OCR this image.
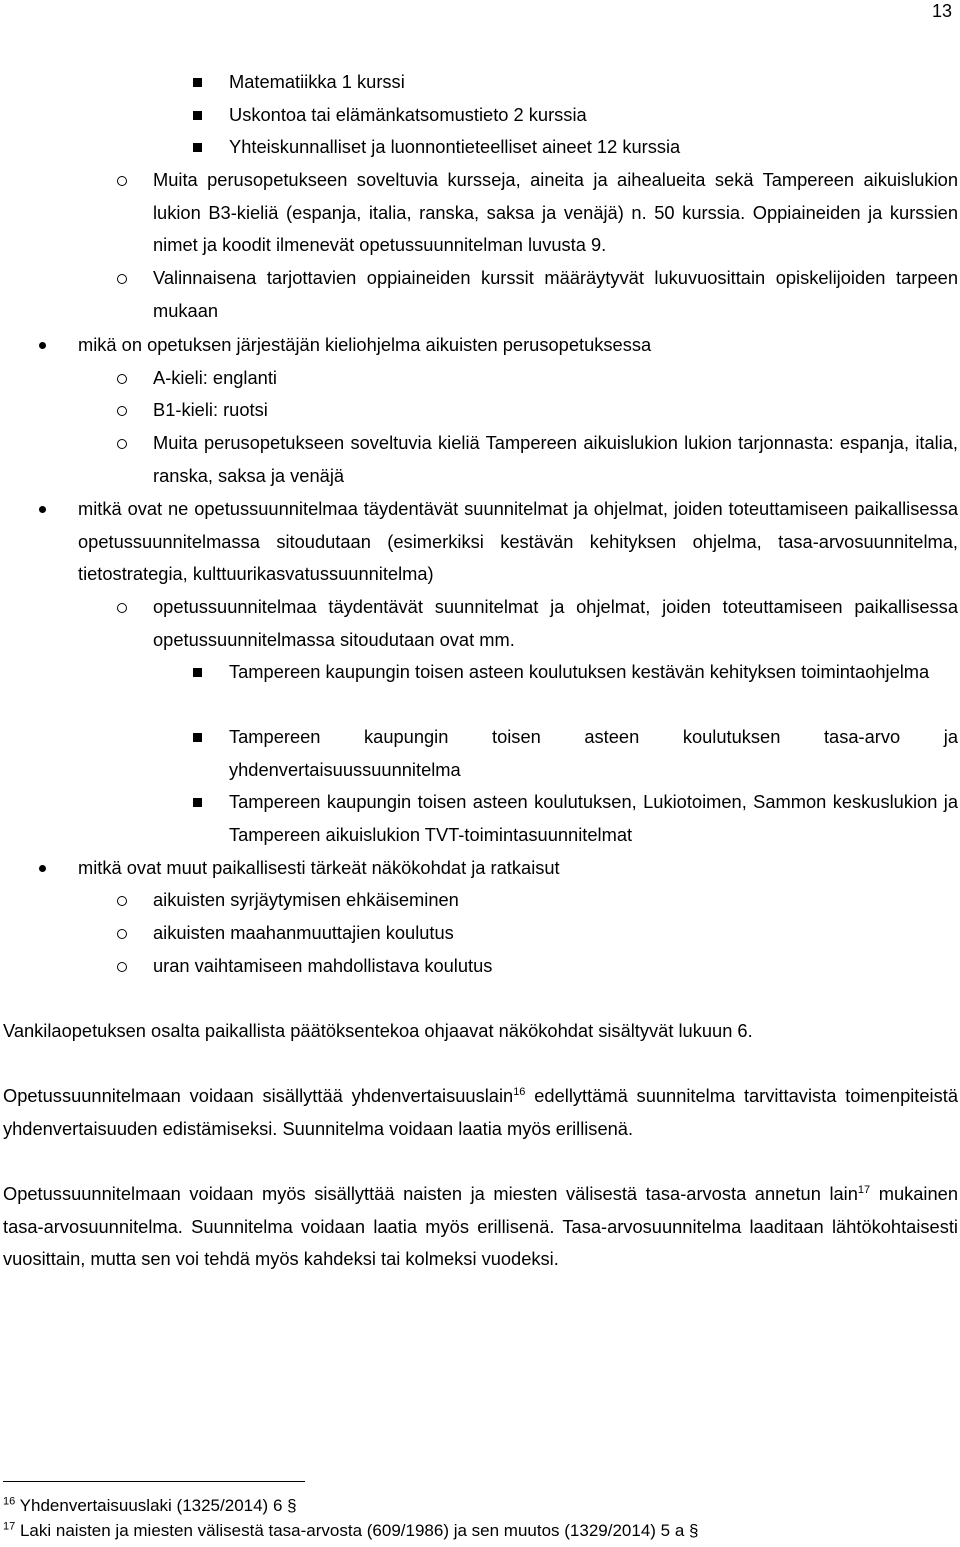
13
Matematiikka 1 kurssi
Uskontoa tai elämänkatsomustieto 2 kurssia
Yhteiskunnalliset ja luonnontieteelliset aineet 12 kurssia
Muita perusopetukseen soveltuvia kursseja, aineita ja aihealueita sekä Tampereen aikuislukion lukion B3-kieliä (espanja, italia, ranska, saksa ja venäjä) n. 50 kurssia. Oppiaineiden ja kurssien nimet ja koodit ilmenevät opetussuunnitelman luvusta 9.
Valinnaisena tarjottavien oppiaineiden kurssit määräytyvät lukuvuosittain opiskelijoiden tarpeen mukaan
mikä on opetuksen järjestäjän kieliohjelma aikuisten perusopetuksessa
A-kieli: englanti
B1-kieli: ruotsi
Muita perusopetukseen soveltuvia kieliä Tampereen aikuislukion lukion tarjonnasta: espanja, italia, ranska, saksa ja venäjä
mitkä ovat ne opetussuunnitelmaa täydentävät suunnitelmat ja ohjelmat, joiden toteuttamiseen paikallisessa opetussuunnitelmassa sitoudutaan (esimerkiksi kestävän kehityksen ohjelma, tasa-arvosuunnitelma, tietostrategia, kulttuurikasvatussuunnitelma)
opetussuunnitelmaa täydentävät suunnitelmat ja ohjelmat, joiden toteuttamiseen paikallisessa opetussuunnitelmassa sitoudutaan ovat mm.
Tampereen kaupungin toisen asteen koulutuksen kestävän kehityksen toimintaohjelma
Tampereen kaupungin toisen asteen koulutuksen tasa-arvo ja yhdenvertaisuussuunnitelma
Tampereen kaupungin toisen asteen koulutuksen, Lukiotoimen, Sammon keskuslukion ja Tampereen aikuislukion TVT-toimintasuunnitelmat
mitkä ovat muut paikallisesti tärkeät näkökohdat ja ratkaisut
aikuisten syrjäytymisen ehkäiseminen
aikuisten maahanmuuttajien koulutus
uran vaihtamiseen mahdollistava koulutus
Vankilaopetuksen osalta paikallista päätöksentekoa ohjaavat näkökohdat sisältyvät lukuun 6.
Opetussuunnitelmaan voidaan sisällyttää yhdenvertaisuuslain$^{16}$ edellyttämä suunnitelma tarvittavista toimenpiteistä yhdenvertaisuuden edistämiseksi. Suunnitelma voidaan laatia myös erillisenä.
Opetussuunnitelmaan voidaan myös sisällyttää naisten ja miesten välisestä tasa-arvosta annetun lain$^{17}$ mukainen tasa-arvosuunnitelma. Suunnitelma voidaan laatia myös erillisenä. Tasa-arvosuunnitelma laaditaan lähtökohtaisesti vuosittain, mutta sen voi tehdä myös kahdeksi tai kolmeksi vuodeksi.
$^{16}$ Yhdenvertaisuuslaki (1325/2014) 6 §
$^{17}$ Laki naisten ja miesten välisestä tasa-arvosta (609/1986) ja sen muutos (1329/2014) 5 a §
